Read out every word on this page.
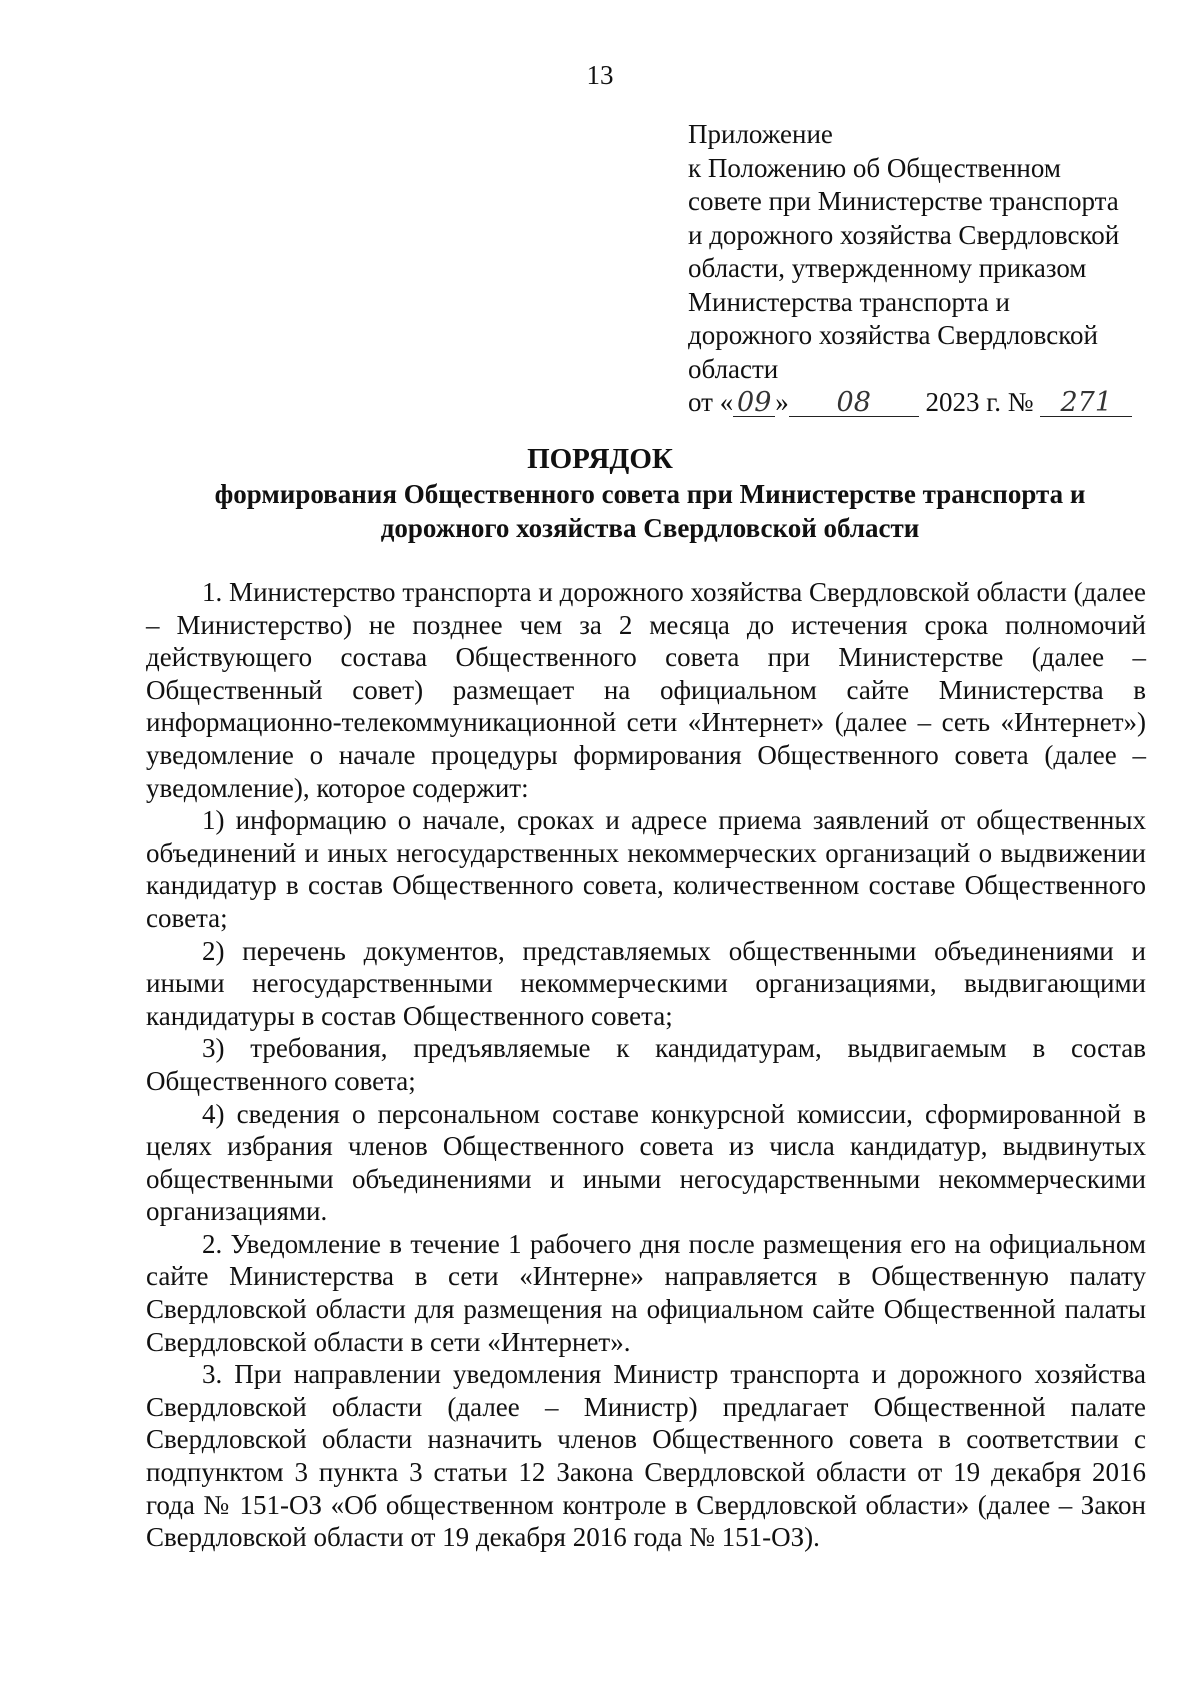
13
Приложение
к Положению об Общественном
совете при Министерстве транспорта
и дорожного хозяйства Свердловской
области, утвержденному приказом
Министерства транспорта и
дорожного хозяйства Свердловской
области
от « 09 » 08 2023 г. № 271
ПОРЯДОК
формирования Общественного совета при Министерстве транспорта и дорожного хозяйства Свердловской области

1. Министерство транспорта и дорожного хозяйства Свердловской области (далее – Министерство) не позднее чем за 2 месяца до истечения срока полномочий действующего состава Общественного совета при Министерстве (далее – Общественный совет) размещает на официальном сайте Министерства в информационно-телекоммуникационной сети «Интернет» (далее – сеть «Интернет») уведомление о начале процедуры формирования Общественного совета (далее – уведомление), которое содержит:

1) информацию о начале, сроках и адресе приема заявлений от общественных объединений и иных негосударственных некоммерческих организаций о выдвижении кандидатур в состав Общественного совета, количественном составе Общественного совета;

2) перечень документов, представляемых общественными объединениями и иными негосударственными некоммерческими организациями, выдвигающими кандидатуры в состав Общественного совета;

3) требования, предъявляемые к кандидатурам, выдвигаемым в состав Общественного совета;

4) сведения о персональном составе конкурсной комиссии, сформированной в целях избрания членов Общественного совета из числа кандидатур, выдвинутых общественными объединениями и иными негосударственными некоммерческими организациями.

2. Уведомление в течение 1 рабочего дня после размещения его на официальном сайте Министерства в сети «Интерне» направляется в Общественную палату Свердловской области для размещения на официальном сайте Общественной палаты Свердловской области в сети «Интернет».

3. При направлении уведомления Министр транспорта и дорожного хозяйства Свердловской области (далее – Министр) предлагает Общественной палате Свердловской области назначить членов Общественного совета в соответствии с подпунктом 3 пункта 3 статьи 12 Закона Свердловской области от 19 декабря 2016 года № 151-ОЗ «Об общественном контроле в Свердловской области» (далее – Закон Свердловской области от 19 декабря 2016 года № 151-ОЗ).
